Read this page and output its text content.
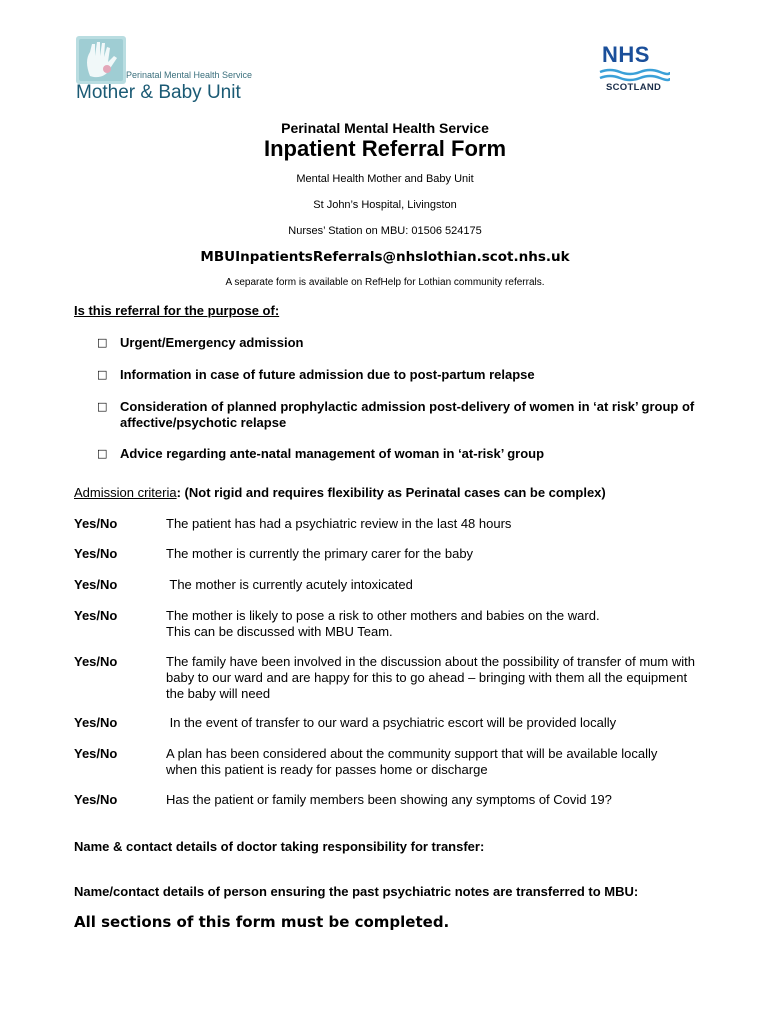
Perinatal Mental Health Service
Mother & Baby Unit
NHS
SCOTLAND
Perinatal Mental Health Service
Inpatient Referral Form
Mental Health Mother and Baby Unit
St John’s Hospital, Livingston
Nurses’ Station on MBU: 01506 524175
MBUInpatientsReferrals@nhslothian.scot.nhs.uk
A separate form is available on RefHelp for Lothian community referrals.
Is this referral for the purpose of:
□ Urgent/Emergency admission
□ Information in case of future admission due to post-partum relapse
□ Consideration of planned prophylactic admission post-delivery of women in ‘at risk’ group of affective/psychotic relapse
□ Advice regarding ante-natal management of woman in ‘at-risk’ group
Admission criteria: (Not rigid and requires flexibility as Perinatal cases can be complex)
Yes/No	The patient has had a psychiatric review in the last 48 hours
Yes/No	The mother is currently the primary carer for the baby
Yes/No	The mother is currently acutely intoxicated
Yes/No	The mother is likely to pose a risk to other mothers and babies on the ward.
This can be discussed with MBU Team.
Yes/No	The family have been involved in the discussion about the possibility of transfer of mum with baby to our ward and are happy for this to go ahead – bringing with them all the equipment the baby will need
Yes/No	In the event of transfer to our ward a psychiatric escort will be provided locally
Yes/No	A plan has been considered about the community support that will be available locally when this patient is ready for passes home or discharge
Yes/No	Has the patient or family members been showing any symptoms of Covid 19?
Name & contact details of doctor taking responsibility for transfer:
Name/contact details of person ensuring the past psychiatric notes are transferred to MBU:
All sections of this form must be completed.
